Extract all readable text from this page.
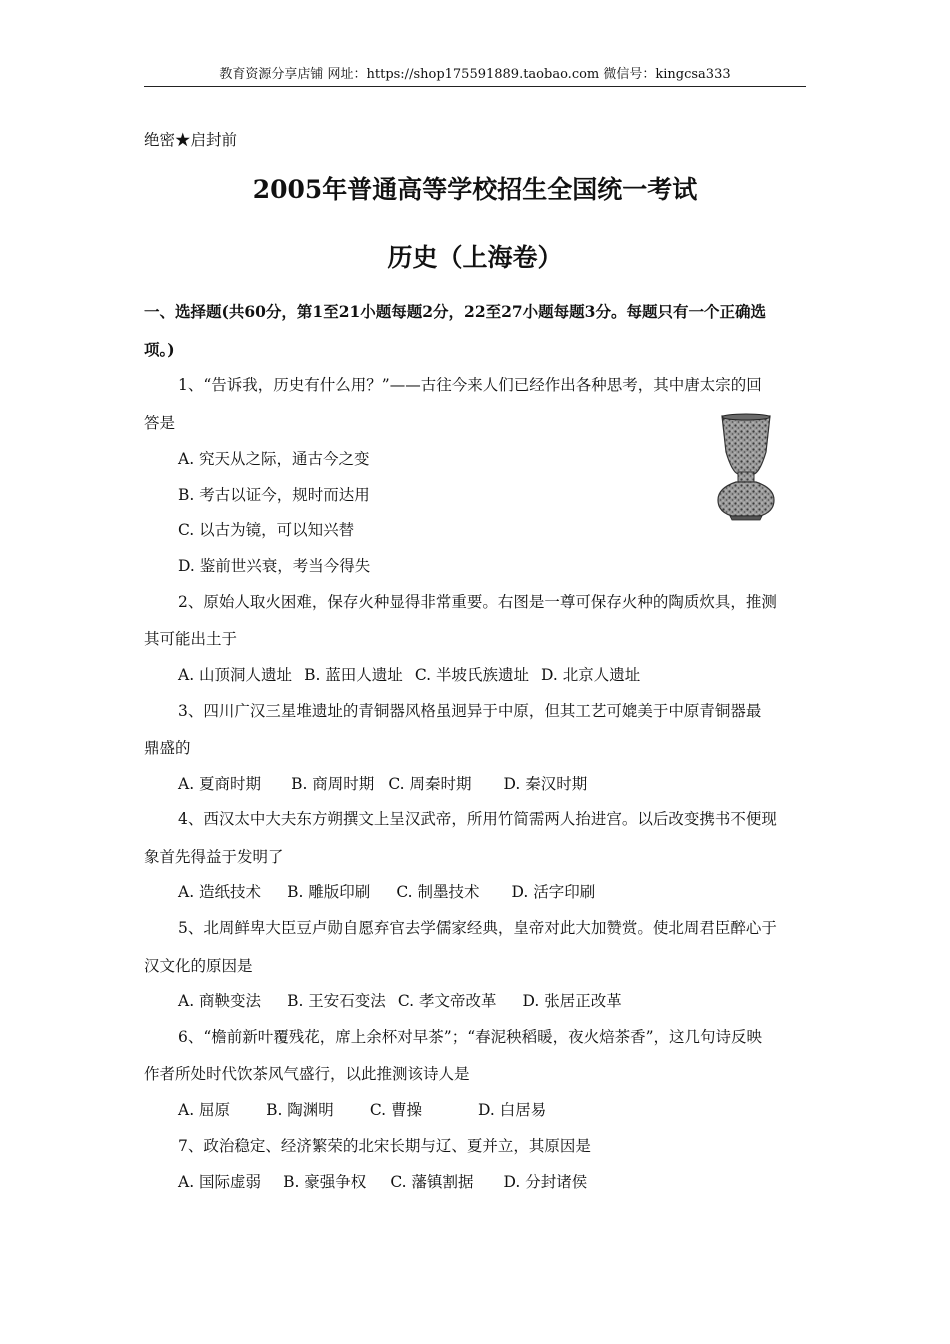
教育资源分享店铺 网址：https://shop175591889.taobao.com 微信号：kingcsa333
绝密★启封前
2005年普通高等学校招生全国统一考试
历史（上海卷）
一、选择题(共60分，第1至21小题每题2分，22至27小题每题3分。每题只有一个正确选
项。)
1、“告诉我，历史有什么用？”——古往今来人们已经作出各种思考，其中唐太宗的回
答是
A. 究天从之际，通古今之变
B. 考古以证今，规时而达用
C. 以古为镜，可以知兴替
D. 鉴前世兴衰，考当今得失
2、原始人取火困难，保存火种显得非常重要。右图是一尊可保存火种的陶质炊具，推测
其可能出土于
A. 山顶洞人遗址 B. 蓝田人遗址 C. 半坡氏族遗址 D. 北京人遗址
3、四川广汉三星堆遗址的青铜器风格虽迥异于中原，但其工艺可媲美于中原青铜器最
鼎盛的
A. 夏商时期 B. 商周时期 C. 周秦时期 D. 秦汉时期
4、西汉太中大夫东方朔撰文上呈汉武帝，所用竹简需两人抬进宫。以后改变携书不便现
象首先得益于发明了
A. 造纸技术 B. 雕版印刷 C. 制墨技术 D. 活字印刷
5、北周鲜卑大臣豆卢勋自愿弃官去学儒家经典，皇帝对此大加赞赏。使北周君臣醉心于
汉文化的原因是
A. 商鞅变法 B. 王安石变法 C. 孝文帝改革 D. 张居正改革
6、“檐前新叶覆残花，席上余杯对早茶”；“春泥秧稻暖，夜火焙茶香”，这几句诗反映
作者所处时代饮茶风气盛行，以此推测该诗人是
A. 屈原 B. 陶渊明 C. 曹操	D. 白居易
7、政治稳定、经济繁荣的北宋长期与辽、夏并立，其原因是
A. 国际虚弱 B. 豪强争权 C. 藩镇割据 D. 分封诸侯
